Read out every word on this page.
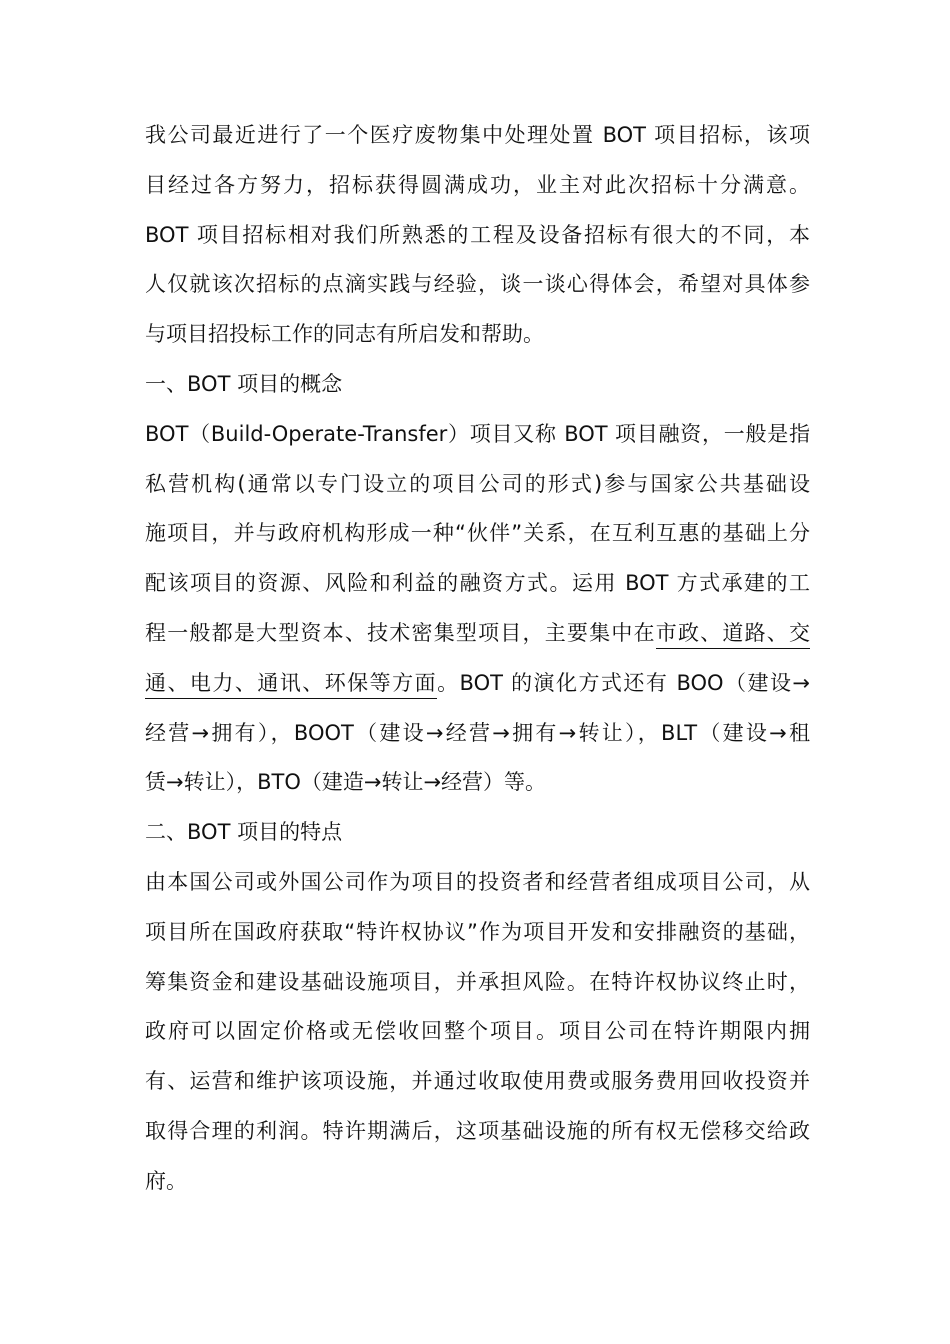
我公司最近进行了一个医疗废物集中处理处置 BOT 项目招标，该项
目经过各方努力，招标获得圆满成功，业主对此次招标十分满意。
BOT 项目招标相对我们所熟悉的工程及设备招标有很大的不同，本
人仅就该次招标的点滴实践与经验，谈一谈心得体会，希望对具体参
与项目招投标工作的同志有所启发和帮助。
一、BOT 项目的概念
BOT（Build-Operate-Transfer）项目又称 BOT 项目融资，一般是指
私营机构(通常以专门设立的项目公司的形式)参与国家公共基础设
施项目，并与政府机构形成一种“伙伴”关系，在互利互惠的基础上分
配该项目的资源、风险和利益的融资方式。运用 BOT 方式承建的工
程一般都是大型资本、技术密集型项目，主要集中在市政、道路、交
通、电力、通讯、环保等方面。BOT 的演化方式还有 BOO（建设→
经营→拥有），BOOT（建设→经营→拥有→转让），BLT（建设→租
赁→转让），BTO（建造→转让→经营）等。
二、BOT 项目的特点
由本国公司或外国公司作为项目的投资者和经营者组成项目公司，从
项目所在国政府获取“特许权协议”作为项目开发和安排融资的基础，
筹集资金和建设基础设施项目，并承担风险。在特许权协议终止时，
政府可以固定价格或无偿收回整个项目。项目公司在特许期限内拥
有、运营和维护该项设施，并通过收取使用费或服务费用回收投资并
取得合理的利润。特许期满后，这项基础设施的所有权无偿移交给政
府。
